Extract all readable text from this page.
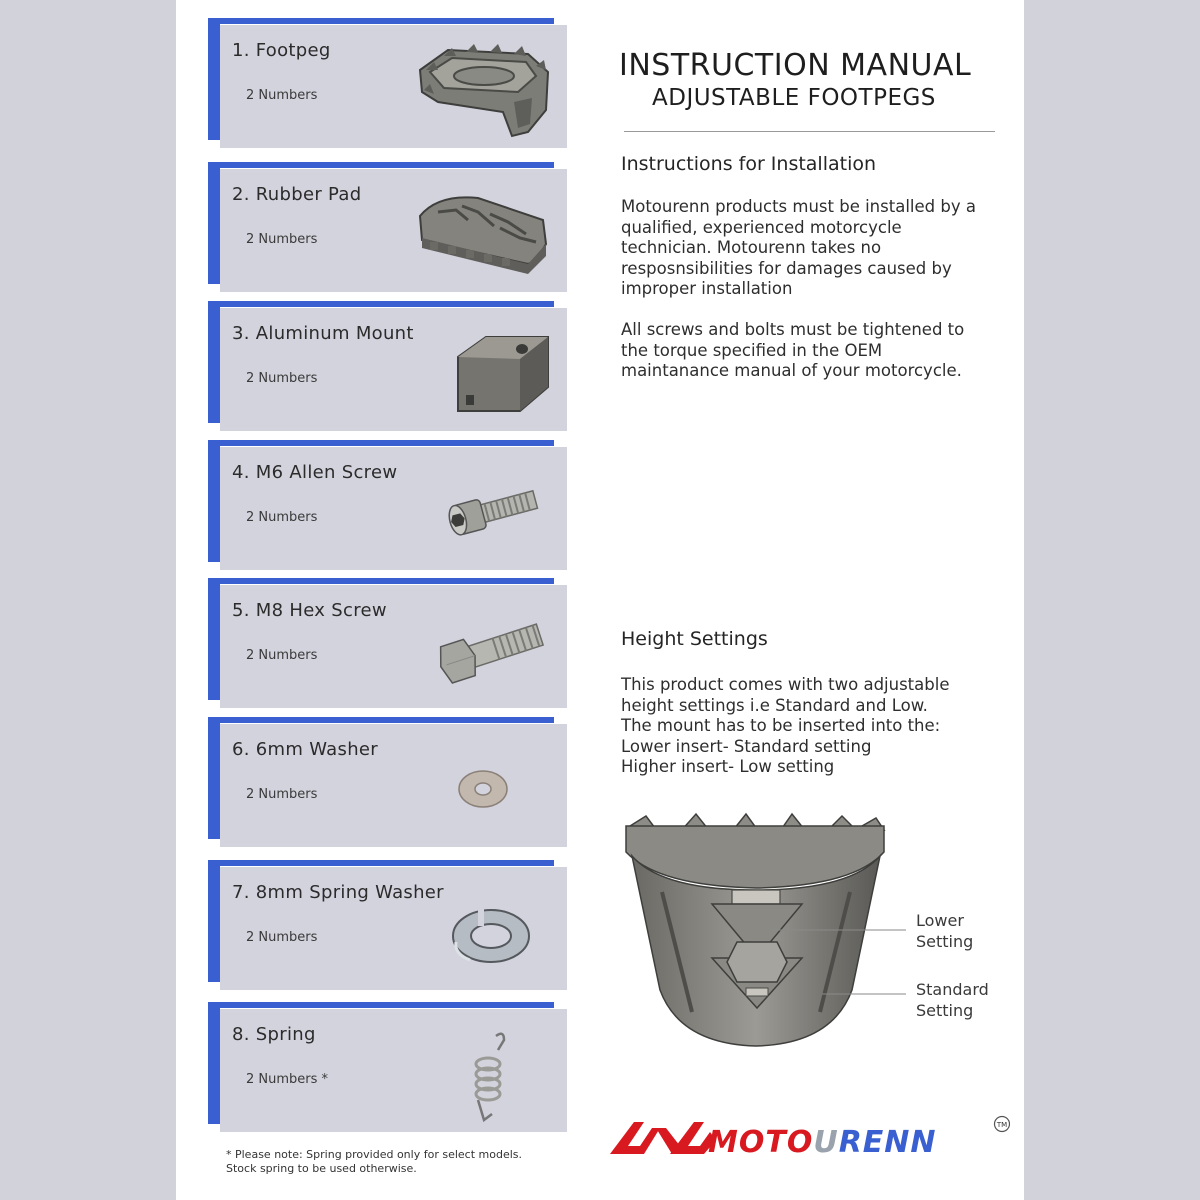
1. Footpeg
2 Numbers
2. Rubber Pad
2 Numbers
3. Aluminum Mount
2 Numbers
4. M6 Allen Screw
2 Numbers
5. M8 Hex Screw
2 Numbers
6. 6mm Washer
2 Numbers
7. 8mm Spring Washer
2 Numbers
8. Spring
2 Numbers *
* Please note: Spring provided only for select models.
Stock spring to be used otherwise.
INSTRUCTION MANUAL
ADJUSTABLE FOOTPEGS
Instructions for Installation
Motourenn products must be installed by a
qualified, experienced motorcycle
technician. Motourenn takes no
resposnsibilities for damages caused by
improper installation
All screws and bolts must be tightened to
the torque specified in the OEM
maintanance manual of your motorcycle.
Height Settings
This product comes with two adjustable
height settings i.e Standard and Low.
The mount has to be inserted into the:
Lower insert- Standard setting
Higher insert- Low setting
Lower
Setting
Standard
Setting
MOTOURENN	TM
